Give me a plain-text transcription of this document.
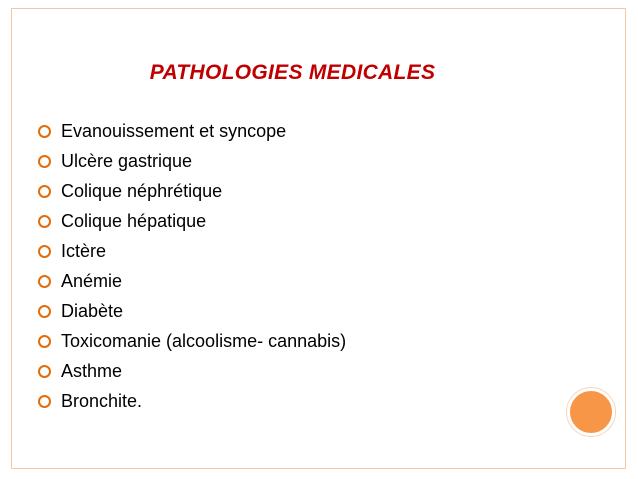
PATHOLOGIES MEDICALES
Evanouissement et syncope
Ulcère gastrique
Colique néphrétique
Colique hépatique
Ictère
Anémie
Diabète
Toxicomanie (alcoolisme- cannabis)
Asthme
Bronchite.
